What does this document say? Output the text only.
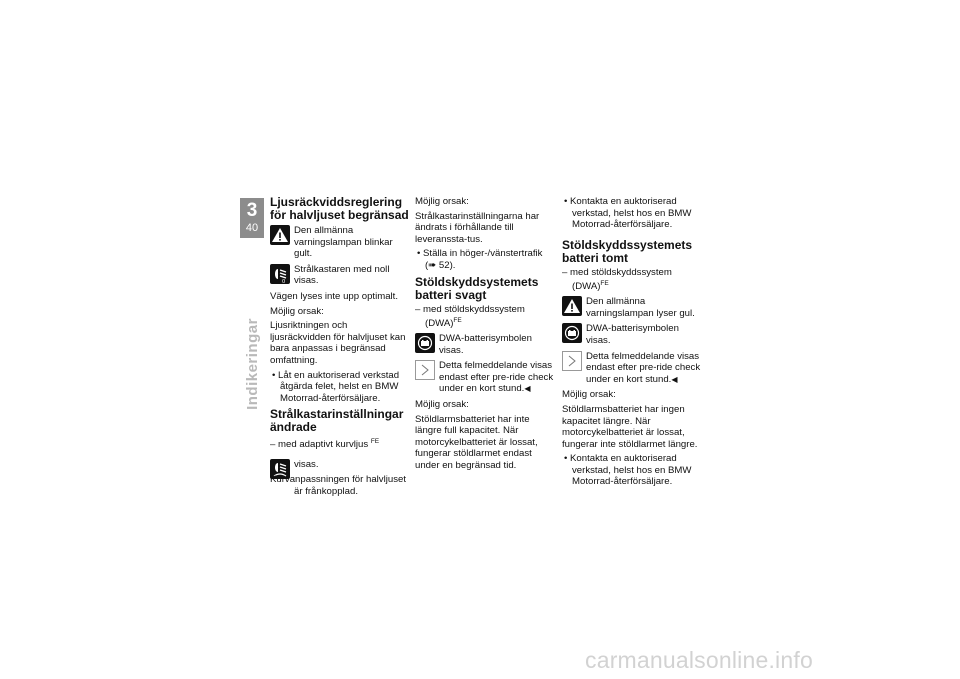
3
40
Indikeringar
Ljusräckviddsreglering för halvljuset begränsad
Den allmänna varningslampan blinkar gult.
0
Strålkastaren med noll visas.

Vägen lyses inte upp optimalt.

Möjlig orsak:

Ljusriktningen och ljusräckvidden för halvljuset kan bara anpassas i begränsad omfattning.

• Låt en auktoriserad verkstad åtgärda felet, helst en BMW Motorrad-återförsäljare.

Strålkastarinställningar ändrade

– med adaptivt kurvljus $^{FE}$

visas.

Kurvanpassningen för halvljuset är frånkopplad.

Möjlig orsak:

Strålkastarinställningarna har ändrats i förhållande till leveranssta-tus.

• Ställa in höger-/vänstertrafik
(➠ 52).

Stöldskyddsystemets batteri svagt

– med stöldskyddssystem (DWA)$^{FE}$

DWA-batterisymbolen visas.
Detta felmeddelande visas endast efter pre-ride check under en kort stund.◀

Möjlig orsak:

Stöldlarmsbatteriet har inte längre full kapacitet. När motorcykelbatteriet är lossat, fungerar stöldlarmet endast under en begränsad tid.

• Kontakta en auktoriserad verkstad, helst hos en BMW Motorrad-återförsäljare.

Stöldskyddssystemets batteri tomt

– med stöldskyddssystem (DWA)$^{FE}$

Den allmänna varningslampan lyser gul.
DWA-batterisymbolen visas.
Detta felmeddelande visas endast efter pre-ride check under en kort stund.◀

Möjlig orsak:

Stöldlarmsbatteriet har ingen kapacitet längre. När motorcykelbatteriet är lossat, fungerar inte stöldlarmet längre.

• Kontakta en auktoriserad verkstad, helst hos en BMW Motorrad-återförsäljare.

carmanualsonline.info
